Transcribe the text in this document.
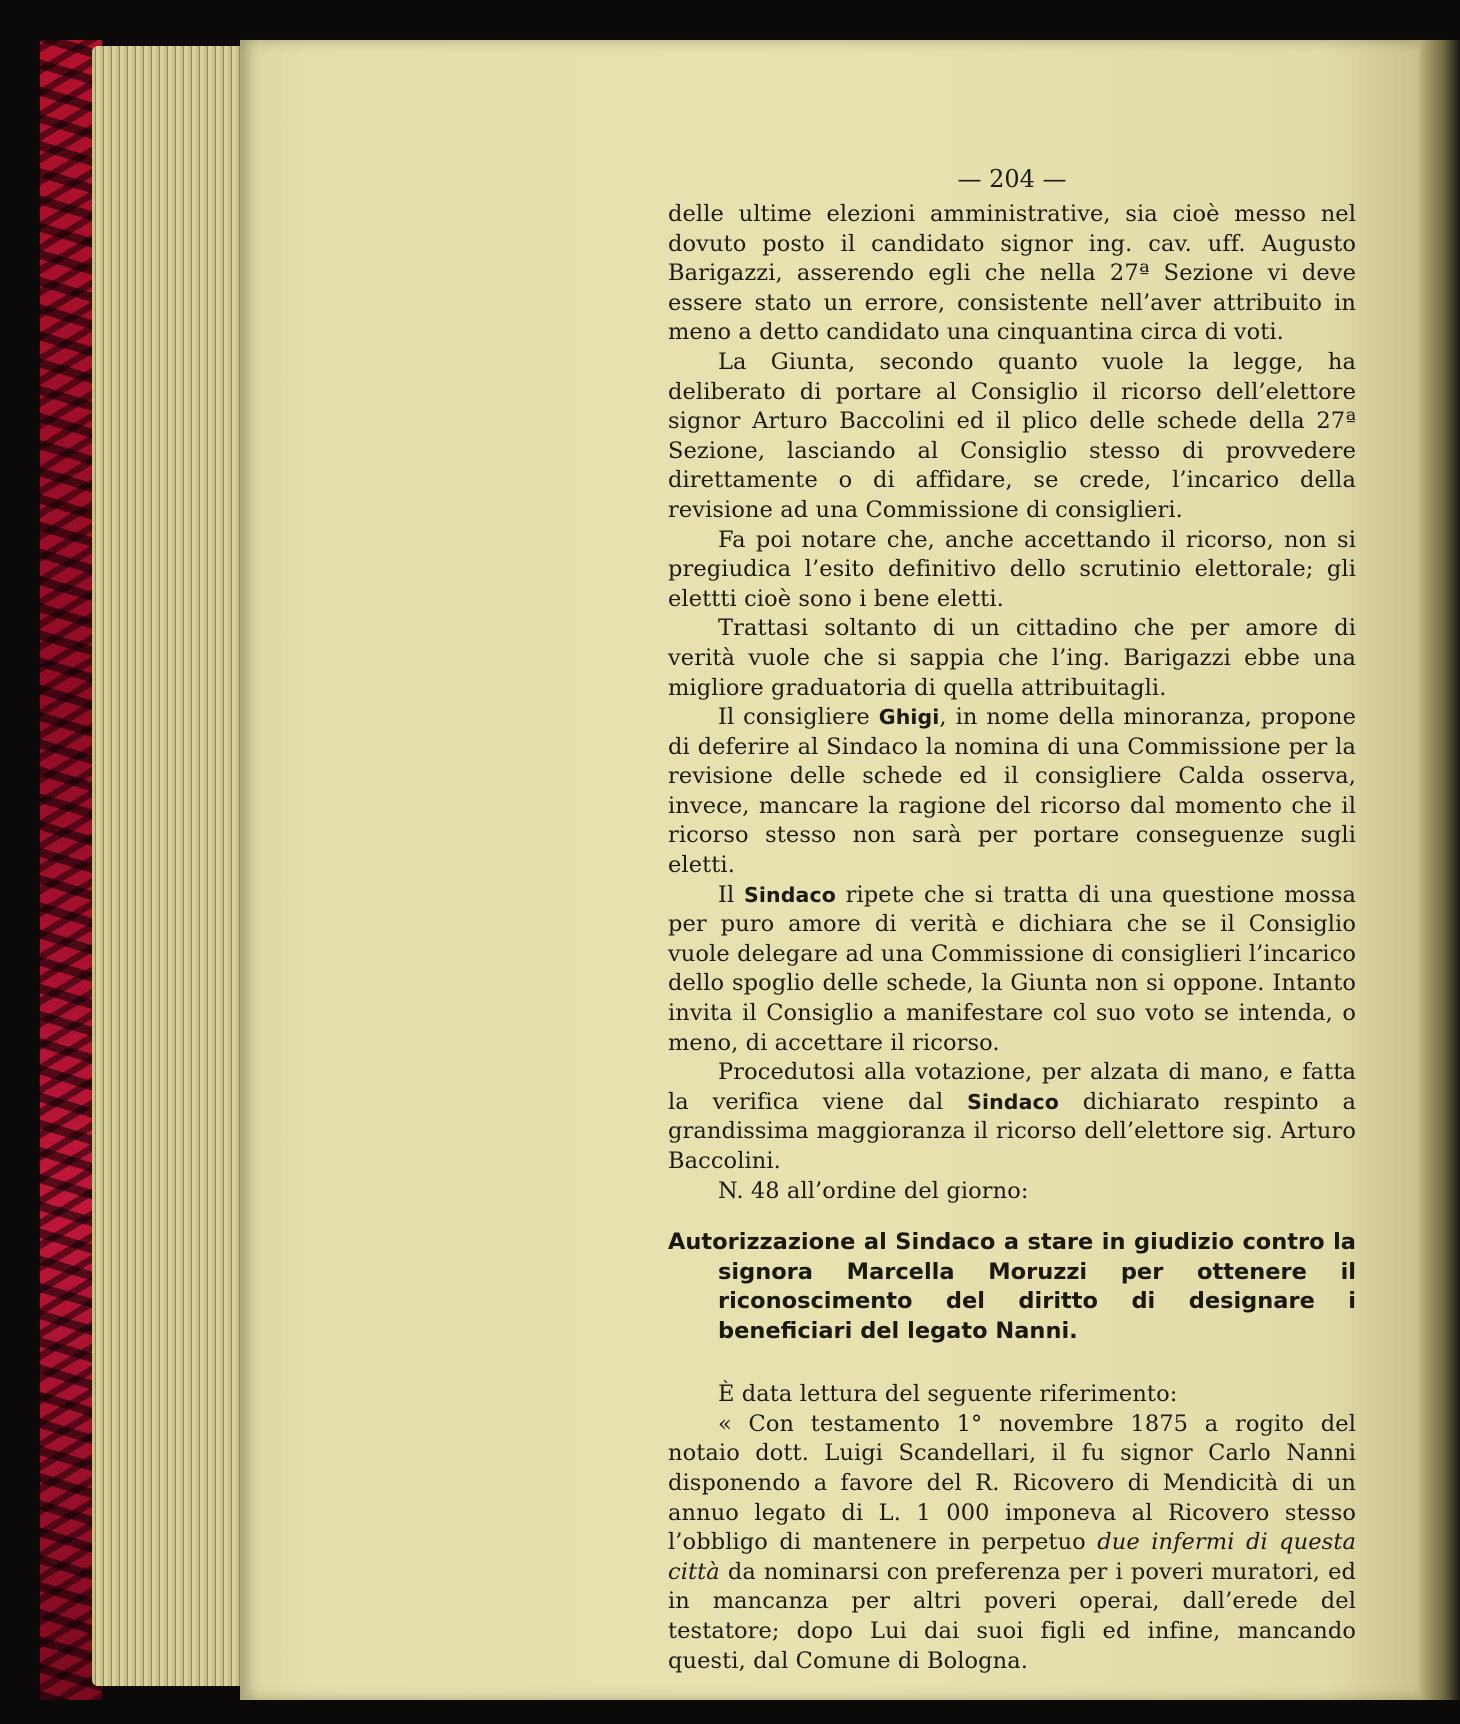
— 204 —

delle ultime elezioni amministrative, sia cioè messo nel dovuto posto il candidato signor ing. cav. uff. Augusto Barigazzi, asserendo egli che nella 27ª Sezione vi deve essere stato un errore, consistente nell’aver attribuito in meno a detto candidato una cinquantina circa di voti.

La Giunta, secondo quanto vuole la legge, ha deliberato di portare al Consiglio il ricorso dell’elettore signor Arturo Baccolini ed il plico delle schede della 27ª Sezione, lasciando al Consiglio stesso di provvedere direttamente o di affidare, se crede, l’incarico della revisione ad una Commissione di consiglieri.

Fa poi notare che, anche accettando il ricorso, non si pregiudica l’esito definitivo dello scrutinio elettorale; gli elettti cioè sono i bene eletti.

Trattasi soltanto di un cittadino che per amore di verità vuole che si sappia che l’ing. Barigazzi ebbe una migliore graduatoria di quella attribuitagli.

Il consigliere Ghigi, in nome della minoranza, propone di deferire al Sindaco la nomina di una Commissione per la revisione delle schede ed il consigliere Calda osserva, invece, mancare la ragione del ricorso dal momento che il ricorso stesso non sarà per portare conseguenze sugli eletti.

Il Sindaco ripete che si tratta di una questione mossa per puro amore di verità e dichiara che se il Consiglio vuole delegare ad una Commissione di consiglieri l’incarico dello spoglio delle schede, la Giunta non si oppone. Intanto invita il Consiglio a manifestare col suo voto se intenda, o meno, di accettare il ricorso.

Procedutosi alla votazione, per alzata di mano, e fatta la verifica viene dal Sindaco dichiarato respinto a grandissima maggioranza il ricorso dell’elettore sig. Arturo Baccolini.

N. 48 all’ordine del giorno:

Autorizzazione al Sindaco a stare in giudizio contro la signora Marcella Moruzzi per ottenere il riconoscimento del diritto di designare i beneficiari del legato Nanni.

È data lettura del seguente riferimento:

« Con testamento 1° novembre 1875 a rogito del notaio dott. Luigi Scandellari, il fu signor Carlo Nanni disponendo a favore del R. Ricovero di Mendicità di un annuo legato di L. 1 000 imponeva al Ricovero stesso l’obbligo di mantenere in perpetuo due infermi di questa città da nominarsi con preferenza per i poveri muratori, ed in mancanza per altri poveri operai, dall’erede del testatore; dopo Lui dai suoi figli ed infine, mancando questi, dal Comune di Bologna.
